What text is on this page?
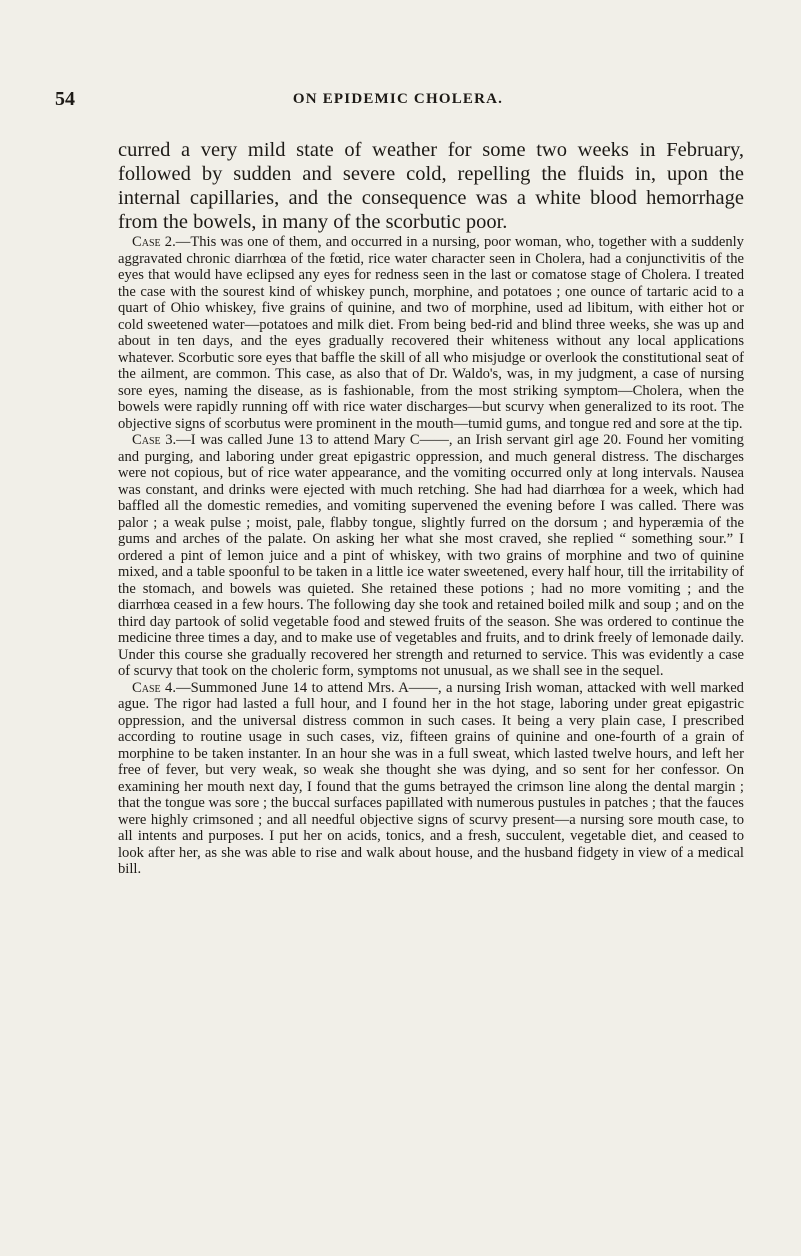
54	ON EPIDEMIC CHOLERA.

curred a very mild state of weather for some two weeks in February, followed by sudden and severe cold, repelling the fluids in, upon the internal capillaries, and the consequence was a white blood hemorrhage from the bowels, in many of the scorbutic poor.

Case 2.—This was one of them, and occurred in a nursing, poor woman, who, together with a suddenly aggravated chronic diarrhœa of the fœtid, rice water character seen in Cholera, had a conjunctivitis of the eyes that would have eclipsed any eyes for redness seen in the last or comatose stage of Cholera. I treated the case with the sourest kind of whiskey punch, morphine, and potatoes ; one ounce of tartaric acid to a quart of Ohio whiskey, five grains of quinine, and two of morphine, used ad libitum, with either hot or cold sweetened water—potatoes and milk diet. From being bed-rid and blind three weeks, she was up and about in ten days, and the eyes gradually recovered their whiteness without any local applications whatever. Scorbutic sore eyes that baffle the skill of all who misjudge or overlook the constitutional seat of the ailment, are common. This case, as also that of Dr. Waldo's, was, in my judgment, a case of nursing sore eyes, naming the disease, as is fashionable, from the most striking symptom—Cholera, when the bowels were rapidly running off with rice water discharges—but scurvy when generalized to its root. The objective signs of scorbutus were prominent in the mouth—tumid gums, and tongue red and sore at the tip.

Case 3.—I was called June 13 to attend Mary C——, an Irish servant girl age 20. Found her vomiting and purging, and laboring under great epigastric oppression, and much general distress. The discharges were not copious, but of rice water appearance, and the vomiting occurred only at long intervals. Nausea was constant, and drinks were ejected with much retching. She had had diarrhœa for a week, which had baffled all the domestic remedies, and vomiting supervened the evening before I was called. There was palor ; a weak pulse ; moist, pale, flabby tongue, slightly furred on the dorsum ; and hyperæmia of the gums and arches of the palate. On asking her what she most craved, she replied “ something sour.” I ordered a pint of lemon juice and a pint of whiskey, with two grains of morphine and two of quinine mixed, and a table spoonful to be taken in a little ice water sweetened, every half hour, till the irritability of the stomach, and bowels was quieted. She retained these potions ; had no more vomiting ; and the diarrhœa ceased in a few hours. The following day she took and retained boiled milk and soup ; and on the third day partook of solid vegetable food and stewed fruits of the season. She was ordered to continue the medicine three times a day, and to make use of vegetables and fruits, and to drink freely of lemonade daily. Under this course she gradually recovered her strength and returned to service. This was evidently a case of scurvy that took on the choleric form, symptoms not unusual, as we shall see in the sequel.

Case 4.—Summoned June 14 to attend Mrs. A——, a nursing Irish woman, attacked with well marked ague. The rigor had lasted a full hour, and I found her in the hot stage, laboring under great epigastric oppression, and the universal distress common in such cases. It being a very plain case, I prescribed according to routine usage in such cases, viz, fifteen grains of quinine and one-fourth of a grain of morphine to be taken instanter. In an hour she was in a full sweat, which lasted twelve hours, and left her free of fever, but very weak, so weak she thought she was dying, and so sent for her confessor. On examining her mouth next day, I found that the gums betrayed the crimson line along the dental margin ; that the tongue was sore ; the buccal surfaces papillated with numerous pustules in patches ; that the fauces were highly crimsoned ; and all needful objective signs of scurvy present—a nursing sore mouth case, to all intents and purposes. I put her on acids, tonics, and a fresh, succulent, vegetable diet, and ceased to look after her, as she was able to rise and walk about house, and the husband fidgety in view of a medical bill.
